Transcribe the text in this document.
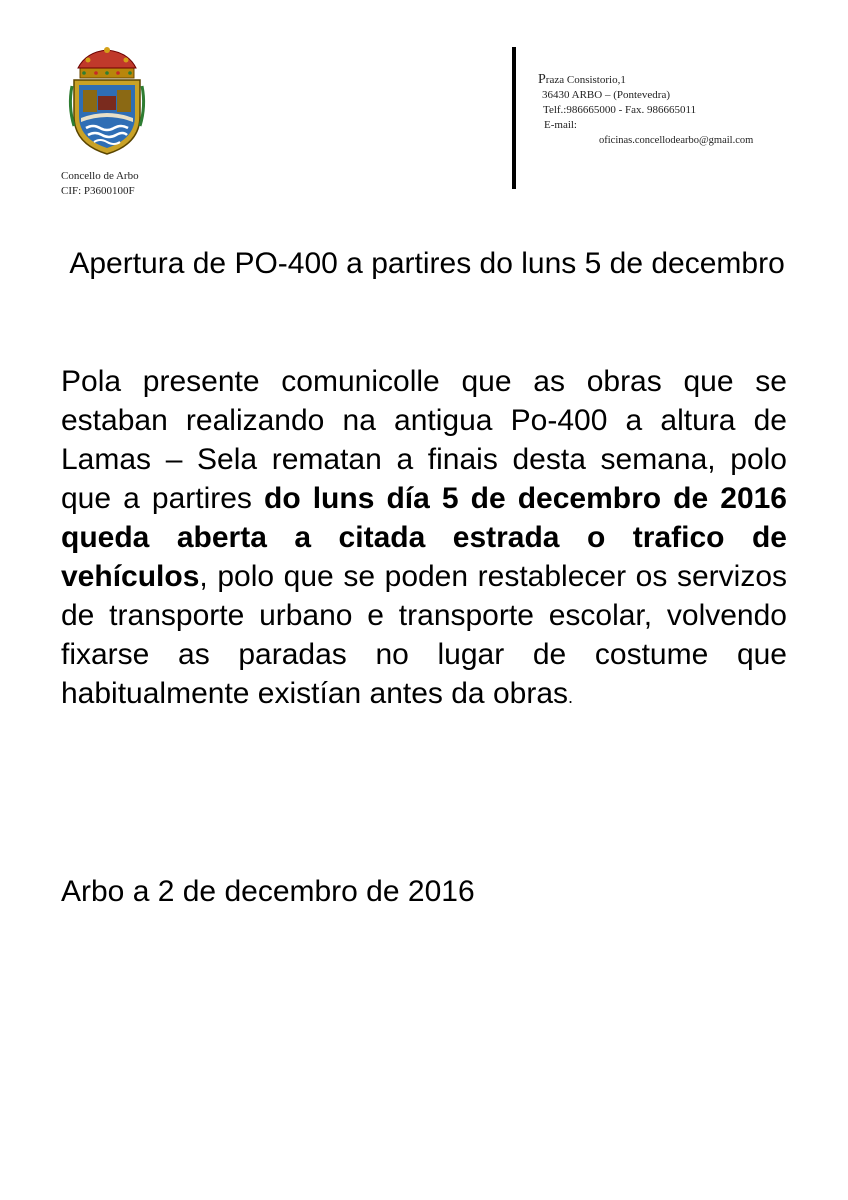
Concello de Arbo
CIF: P3600100F
Praza Consistorio,1
36430 ARBO – (Pontevedra)
Telf.:986665000 - Fax. 986665011
E-mail:
oficinas.concellodearbo@gmail.com
Apertura de PO-400 a partires do luns 5 de decembro
Pola presente comunicolle que as obras que se estaban realizando na antigua Po-400 a altura de Lamas – Sela rematan a finais desta semana, polo que a partires do luns día 5 de decembro de 2016 queda aberta a citada estrada o trafico de vehículos, polo que se poden restablecer os servizos de transporte urbano e transporte escolar, volvendo fixarse as paradas no lugar de costume que habitualmente existían antes da obras.
Arbo a 2 de decembro de 2016
